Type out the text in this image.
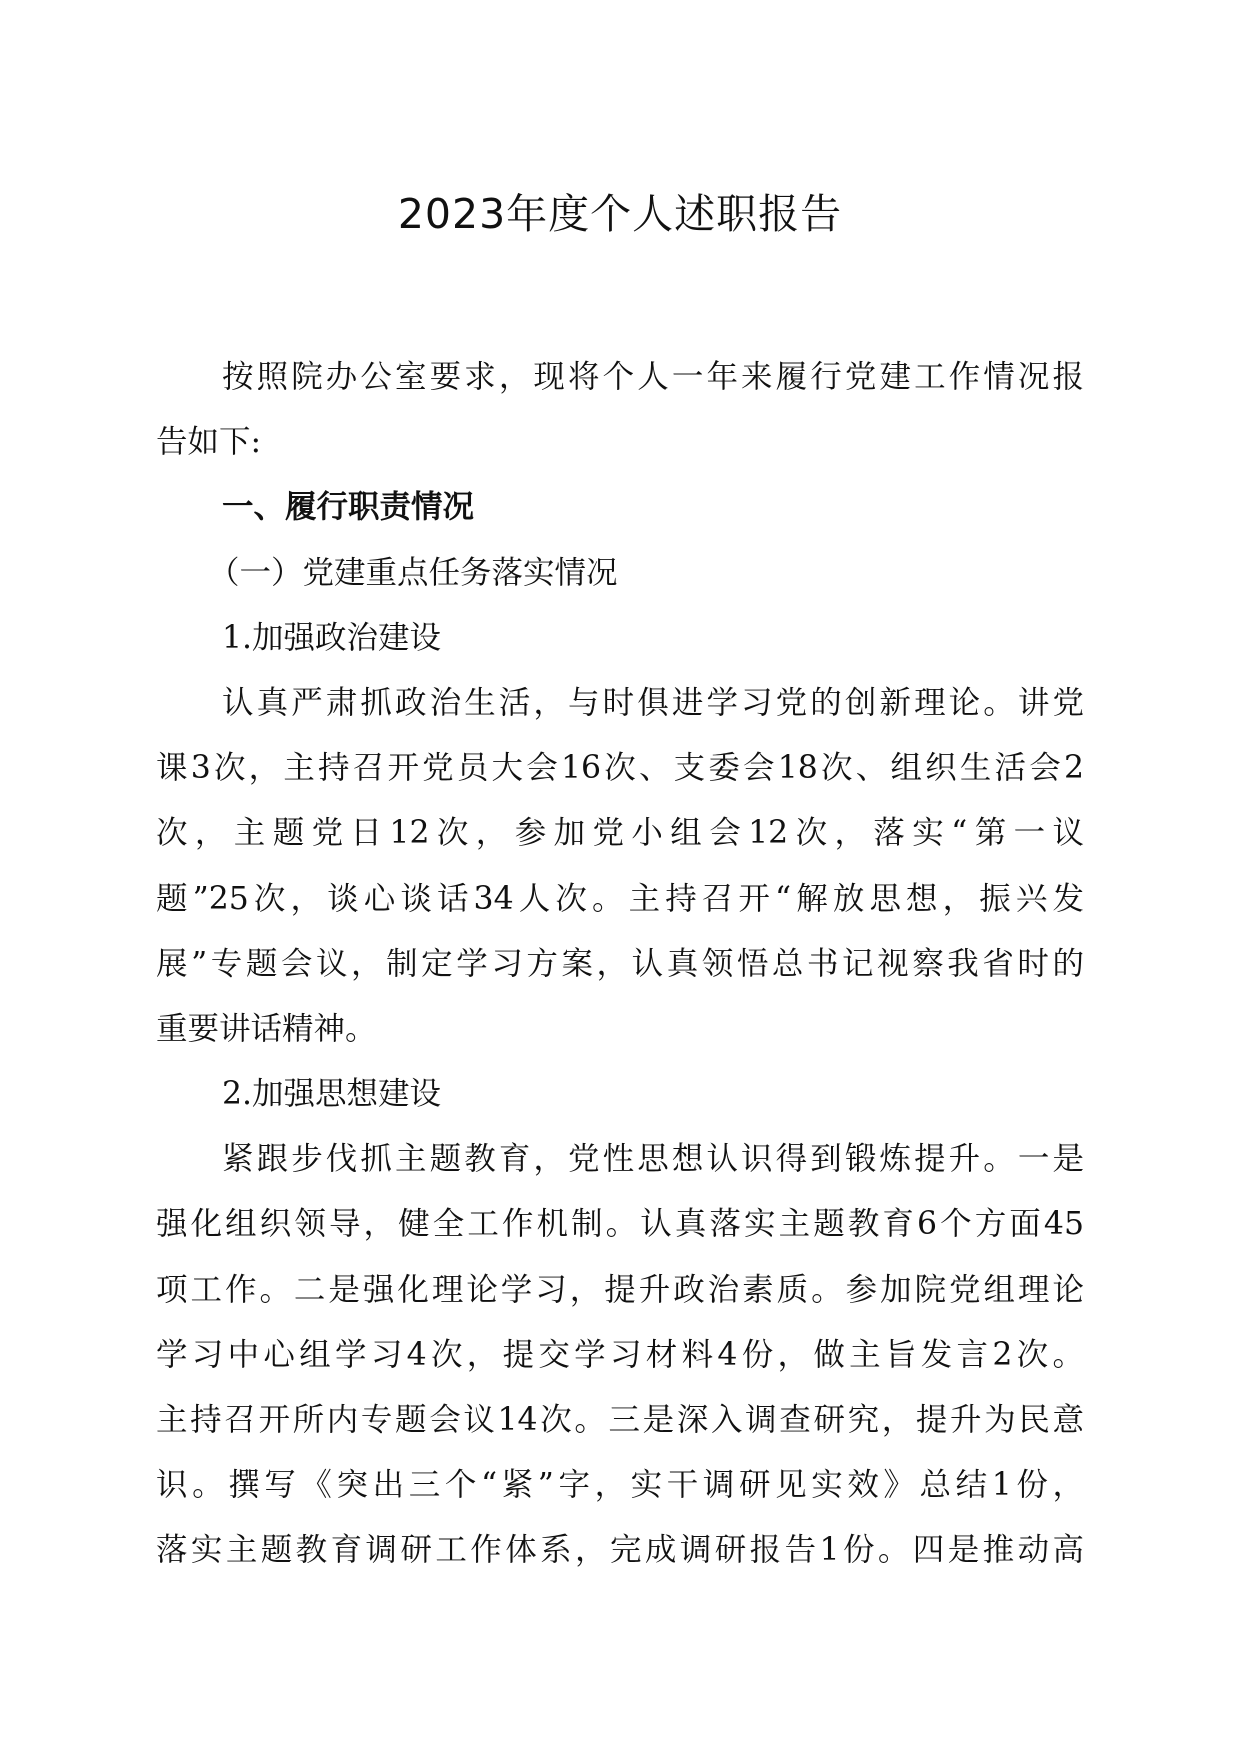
2023年度个人述职报告
按照院办公室要求，现将个人一年来履行党建工作情况报
告如下:
一、履行职责情况
（一）党建重点任务落实情况
1.加强政治建设
认真严肃抓政治生活，与时俱进学习党的创新理论。讲党
课3次，主持召开党员大会16次、支委会18次、组织生活会2
次，主题党日12次，参加党小组会12次，落实“第一议
题”25次，谈心谈话34人次。主持召开“解放思想，振兴发
展”专题会议，制定学习方案，认真领悟总书记视察我省时的
重要讲话精神。
2.加强思想建设
紧跟步伐抓主题教育，党性思想认识得到锻炼提升。一是
强化组织领导，健全工作机制。认真落实主题教育6个方面45
项工作。二是强化理论学习，提升政治素质。参加院党组理论
学习中心组学习4次，提交学习材料4份，做主旨发言2次。
主持召开所内专题会议14次。三是深入调查研究，提升为民意
识。撰写《突出三个“紧”字，实干调研见实效》总结1份，
落实主题教育调研工作体系，完成调研报告1份。四是推动高
